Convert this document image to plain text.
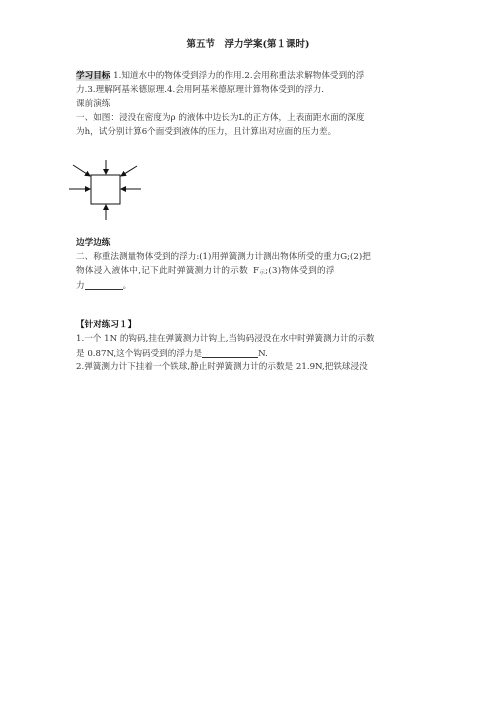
第五节　浮力学案(第１课时)
学习目标 1.知道水中的物体受到浮力的作用.2.会用称重法求解物体受到的浮
力.3.理解阿基米德原理.4.会用阿基米德原理计算物体受到的浮力.
课前演练
一、如图：浸没在密度为ρ 的液体中边长为L的正方体，上表面距水面的深度
为h，试分别计算6个面受到液体的压力，且计算出对应面的压力差。
边学边练
二、称重法测量物体受到的浮力:(1)用弹簧测力计测出物体所受的重力G;(2)把
物体浸入液体中,记下此时弹簧测力计的示数 F示;(3)物体受到的浮
力	。
【针对练习１】
1.一个 1N 的钩码,挂在弹簧测力计钩上,当钩码浸没在水中时弹簧测力计的示数
是 0.87N,这个钩码受到的浮力是	N.
2.弹簧测力计下挂着一个铁球,静止时弹簧测力计的示数是 21.9N,把铁球浸没
